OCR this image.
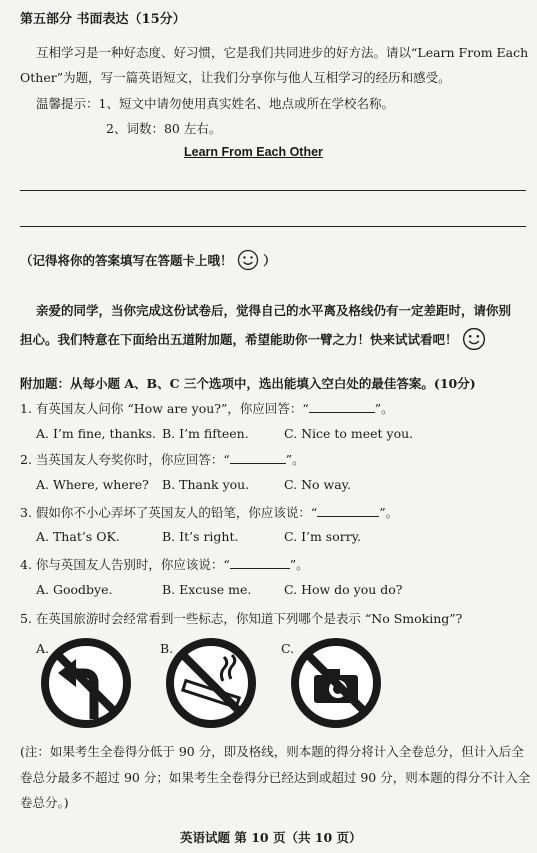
第五部分 书面表达（15分）
互相学习是一种好态度、好习惯，它是我们共同进步的好方法。请以“Learn From Each
Other”为题，写一篇英语短文，让我们分享你与他人互相学习的经历和感受。
温馨提示：1、短文中请勿使用真实姓名、地点或所在学校名称。
2、词数：80 左右。
Learn From Each Other
（记得将你的答案填写在答题卡上哦！ ）
亲爱的同学，当你完成这份试卷后，觉得自己的水平离及格线仍有一定差距时，请你别
担心。我们特意在下面给出五道附加题，希望能助你一臂之力！快来试试看吧！
附加题：从每小题 A、B、C 三个选项中，选出能填入空白处的最佳答案。(10分)
1. 有英国友人问你 “How are you?”，你应回答：“	”。
A. I’m fine, thanks. B. I’m fifteen.	C. Nice to meet you.
2. 当英国友人夸奖你时，你应回答：“	”。
A. Where, where? B. Thank you.	C. No way.
3. 假如你不小心弄坏了英国友人的铅笔，你应该说：“	”。
A. That’s OK.	B. It’s right.	C. I’m sorry.
4. 你与英国友人告别时，你应该说：“	”。
A. Goodbye.	B. Excuse me.	C. How do you do?
5. 在英国旅游时会经常看到一些标志，你知道下列哪个是表示 “No Smoking”?
A.	B.	C.
(注：如果考生全卷得分低于 90 分，即及格线，则本题的得分将计入全卷总分，但计入后全
卷总分最多不超过 90 分；如果考生全卷得分已经达到或超过 90 分，则本题的得分不计入全
卷总分。)
英语试题 第 10 页（共 10 页）
